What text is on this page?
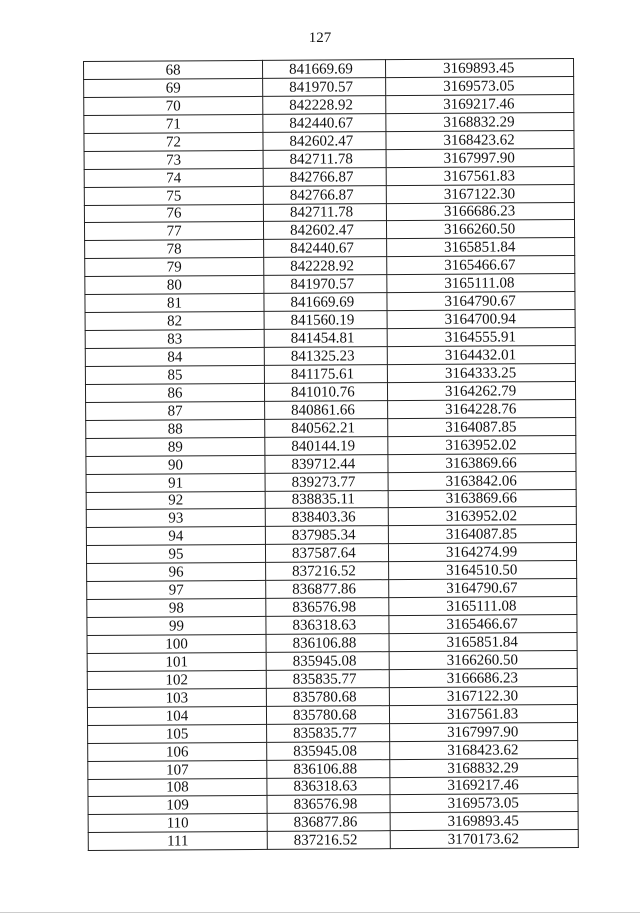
127
68	841669.69	3169893.45
69	841970.57	3169573.05
70	842228.92	3169217.46
71	842440.67	3168832.29
72	842602.47	3168423.62
73	842711.78	3167997.90
74	842766.87	3167561.83
75	842766.87	3167122.30
76	842711.78	3166686.23
77	842602.47	3166260.50
78	842440.67	3165851.84
79	842228.92	3165466.67
80	841970.57	3165111.08
81	841669.69	3164790.67
82	841560.19	3164700.94
83	841454.81	3164555.91
84	841325.23	3164432.01
85	841175.61	3164333.25
86	841010.76	3164262.79
87	840861.66	3164228.76
88	840562.21	3164087.85
89	840144.19	3163952.02
90	839712.44	3163869.66
91	839273.77	3163842.06
92	838835.11	3163869.66
93	838403.36	3163952.02
94	837985.34	3164087.85
95	837587.64	3164274.99
96	837216.52	3164510.50
97	836877.86	3164790.67
98	836576.98	3165111.08
99	836318.63	3165466.67
100	836106.88	3165851.84
101	835945.08	3166260.50
102	835835.77	3166686.23
103	835780.68	3167122.30
104	835780.68	3167561.83
105	835835.77	3167997.90
106	835945.08	3168423.62
107	836106.88	3168832.29
108	836318.63	3169217.46
109	836576.98	3169573.05
110	836877.86	3169893.45
111	837216.52	3170173.62
